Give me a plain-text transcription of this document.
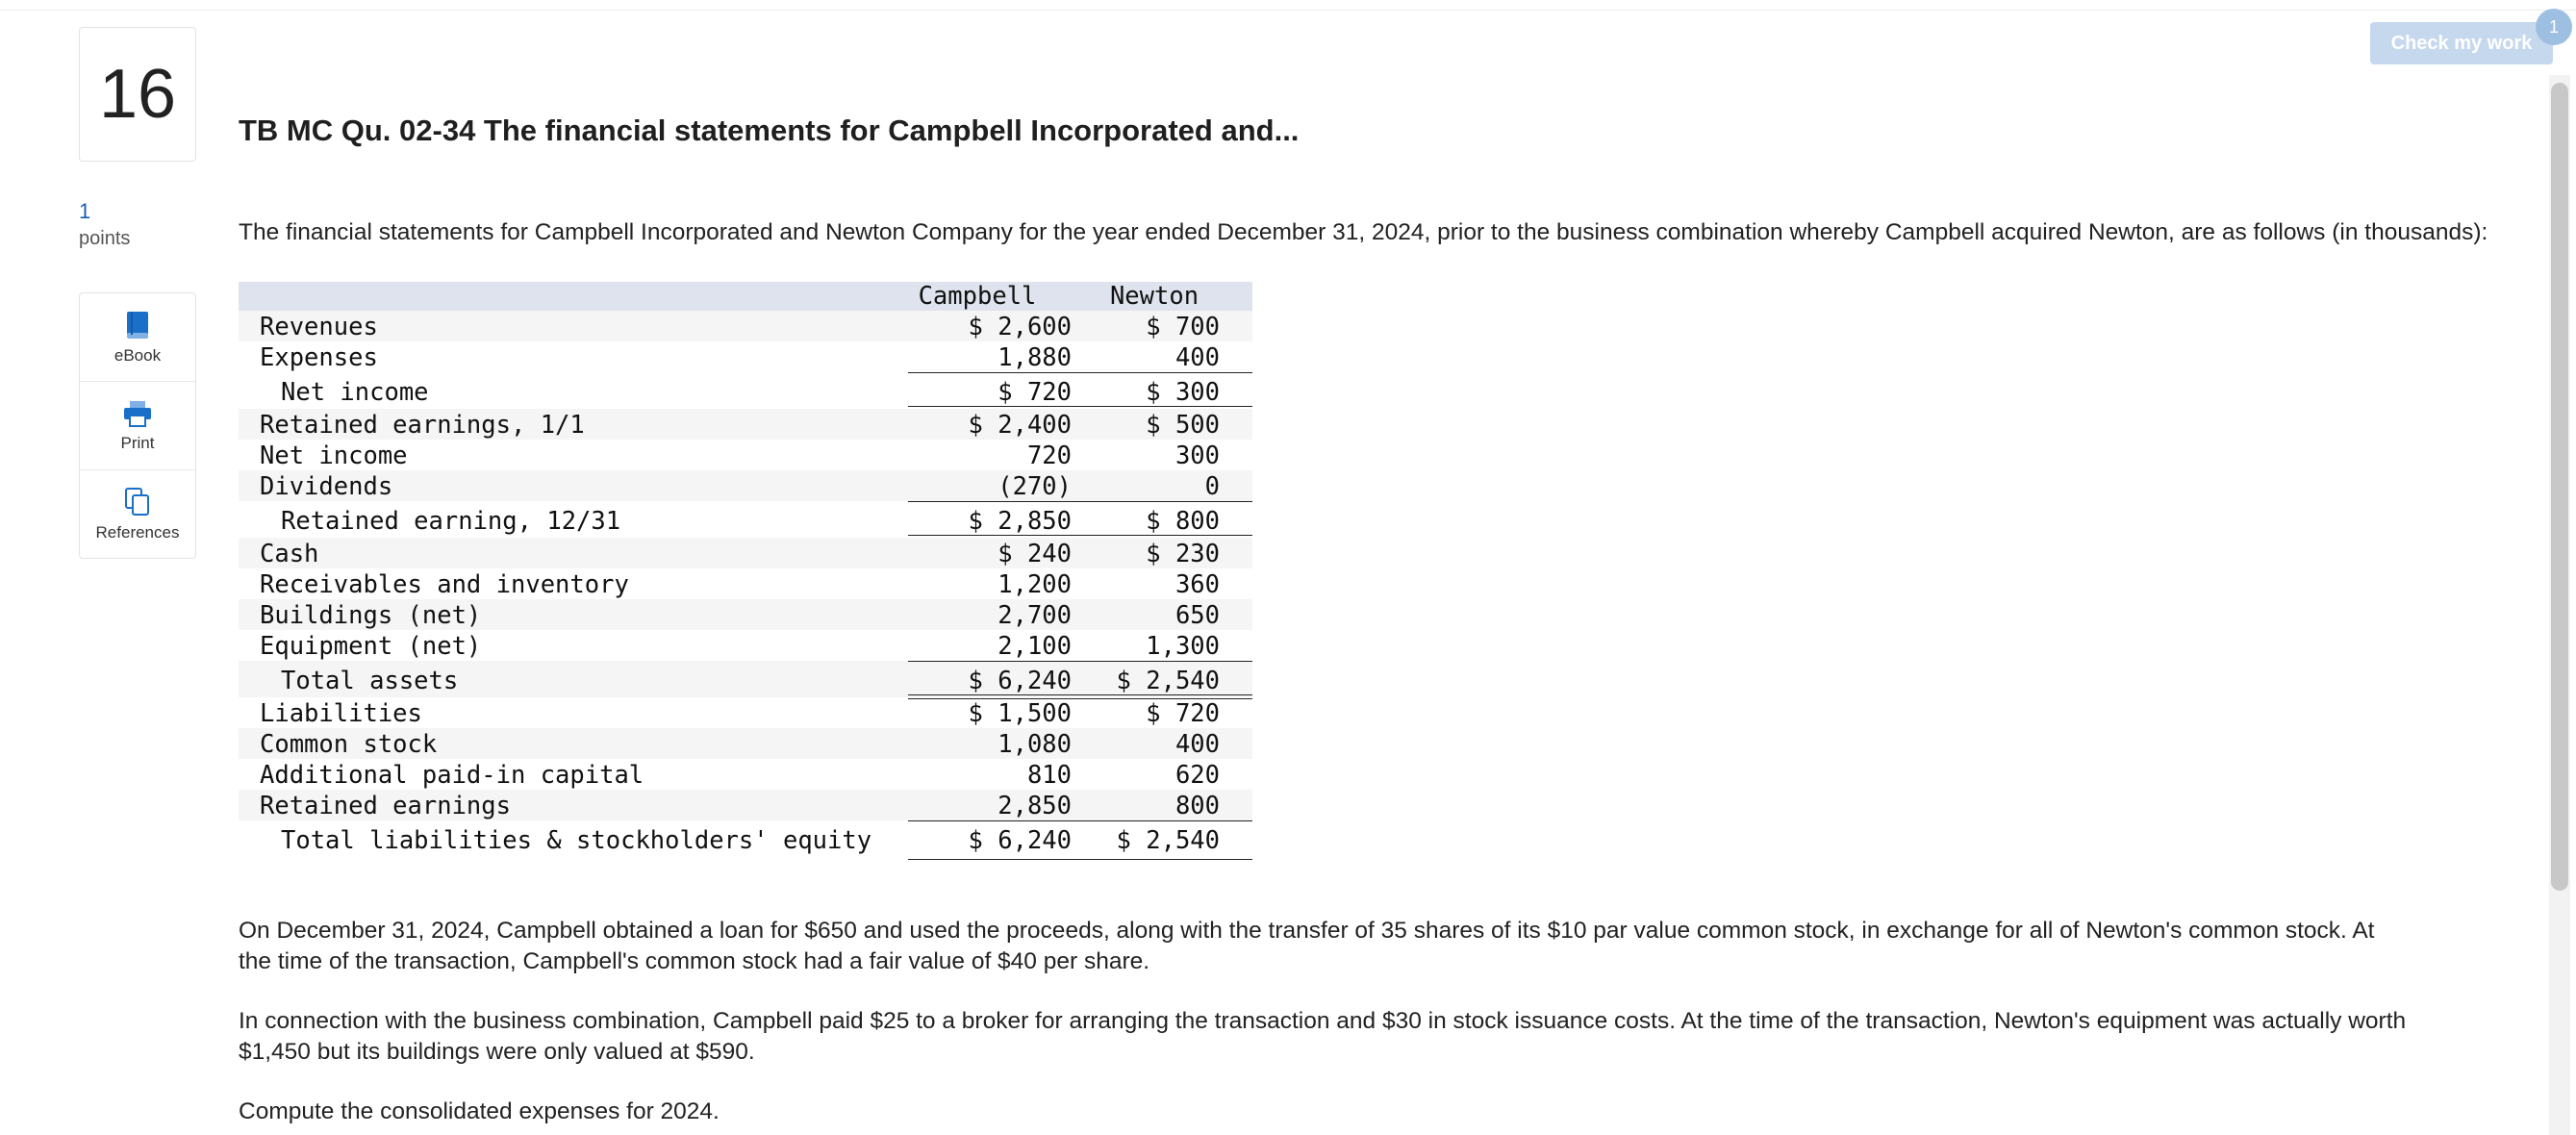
16
1
points
eBook
Print
References
TB MC Qu. 02-34 The financial statements for Campbell Incorporated and...
The financial statements for Campbell Incorporated and Newton Company for the year ended December 31, 2024, prior to the business combination whereby Campbell acquired Newton, are as follows (in thousands):
Campbell	Newton
Revenues	$ 2,600	$ 700
Expenses	1,880	400
Net income	$ 720	$ 300
Retained earnings, 1/1	$ 2,400	$ 500
Net income	720	300
Dividends	(270)	0
Retained earning, 12/31	$ 2,850	$ 800
Cash	$ 240	$ 230
Receivables and inventory	1,200	360
Buildings (net)	2,700	650
Equipment (net)	2,100	1,300
Total assets	$ 6,240	$ 2,540
Liabilities	$ 1,500	$ 720
Common stock	1,080	400
Additional paid-in capital	810	620
Retained earnings	2,850	800
Total liabilities & stockholders' equity	$ 6,240	$ 2,540
On December 31, 2024, Campbell obtained a loan for $650 and used the proceeds, along with the transfer of 35 shares of its $10 par value common stock, in exchange for all of Newton's common stock. At the time of the transaction, Campbell's common stock had a fair value of $40 per share.
In connection with the business combination, Campbell paid $25 to a broker for arranging the transaction and $30 in stock issuance costs. At the time of the transaction, Newton's equipment was actually worth $1,450 but its buildings were only valued at $590.
Compute the consolidated expenses for 2024.
Check my work
1
